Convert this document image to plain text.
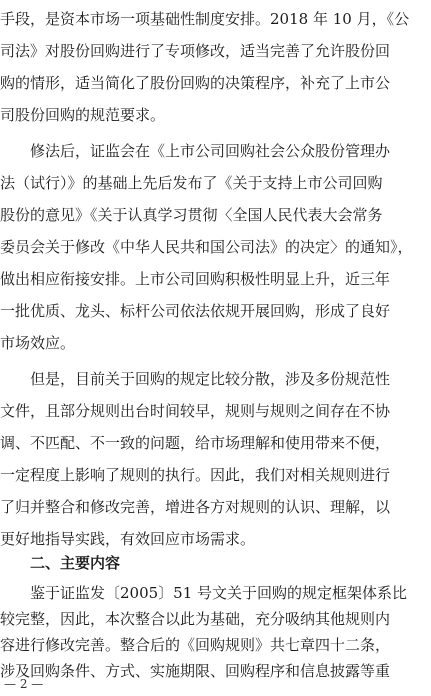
手段，是资本市场一项基础性制度安排。2018 年 10 月，《公
司法》对股份回购进行了专项修改，适当完善了允许股份回
购的情形，适当简化了股份回购的决策程序，补充了上市公
司股份回购的规范要求。
　　修法后，证监会在《上市公司回购社会公众股份管理办
法（试行）》的基础上先后发布了《关于支持上市公司回购
股份的意见》《关于认真学习贯彻〈全国人民代表大会常务
委员会关于修改《中华人民共和国公司法》的决定〉的通知》，
做出相应衔接安排。上市公司回购积极性明显上升，近三年
一批优质、龙头、标杆公司依法依规开展回购，形成了良好
市场效应。
　　但是，目前关于回购的规定比较分散，涉及多份规范性
文件，且部分规则出台时间较早，规则与规则之间存在不协
调、不匹配、不一致的问题，给市场理解和使用带来不便，
一定程度上影响了规则的执行。因此，我们对相关规则进行
了归并整合和修改完善，增进各方对规则的认识、理解，以
更好地指导实践，有效回应市场需求。
　　二、主要内容
　　鉴于证监发〔2005〕51 号文关于回购的规定框架体系比
较完整，因此，本次整合以此为基础，充分吸纳其他规则内
容进行修改完善。整合后的《回购规则》共七章四十二条，
涉及回购条件、方式、实施期限、回购程序和信息披露等重
— 2 —
